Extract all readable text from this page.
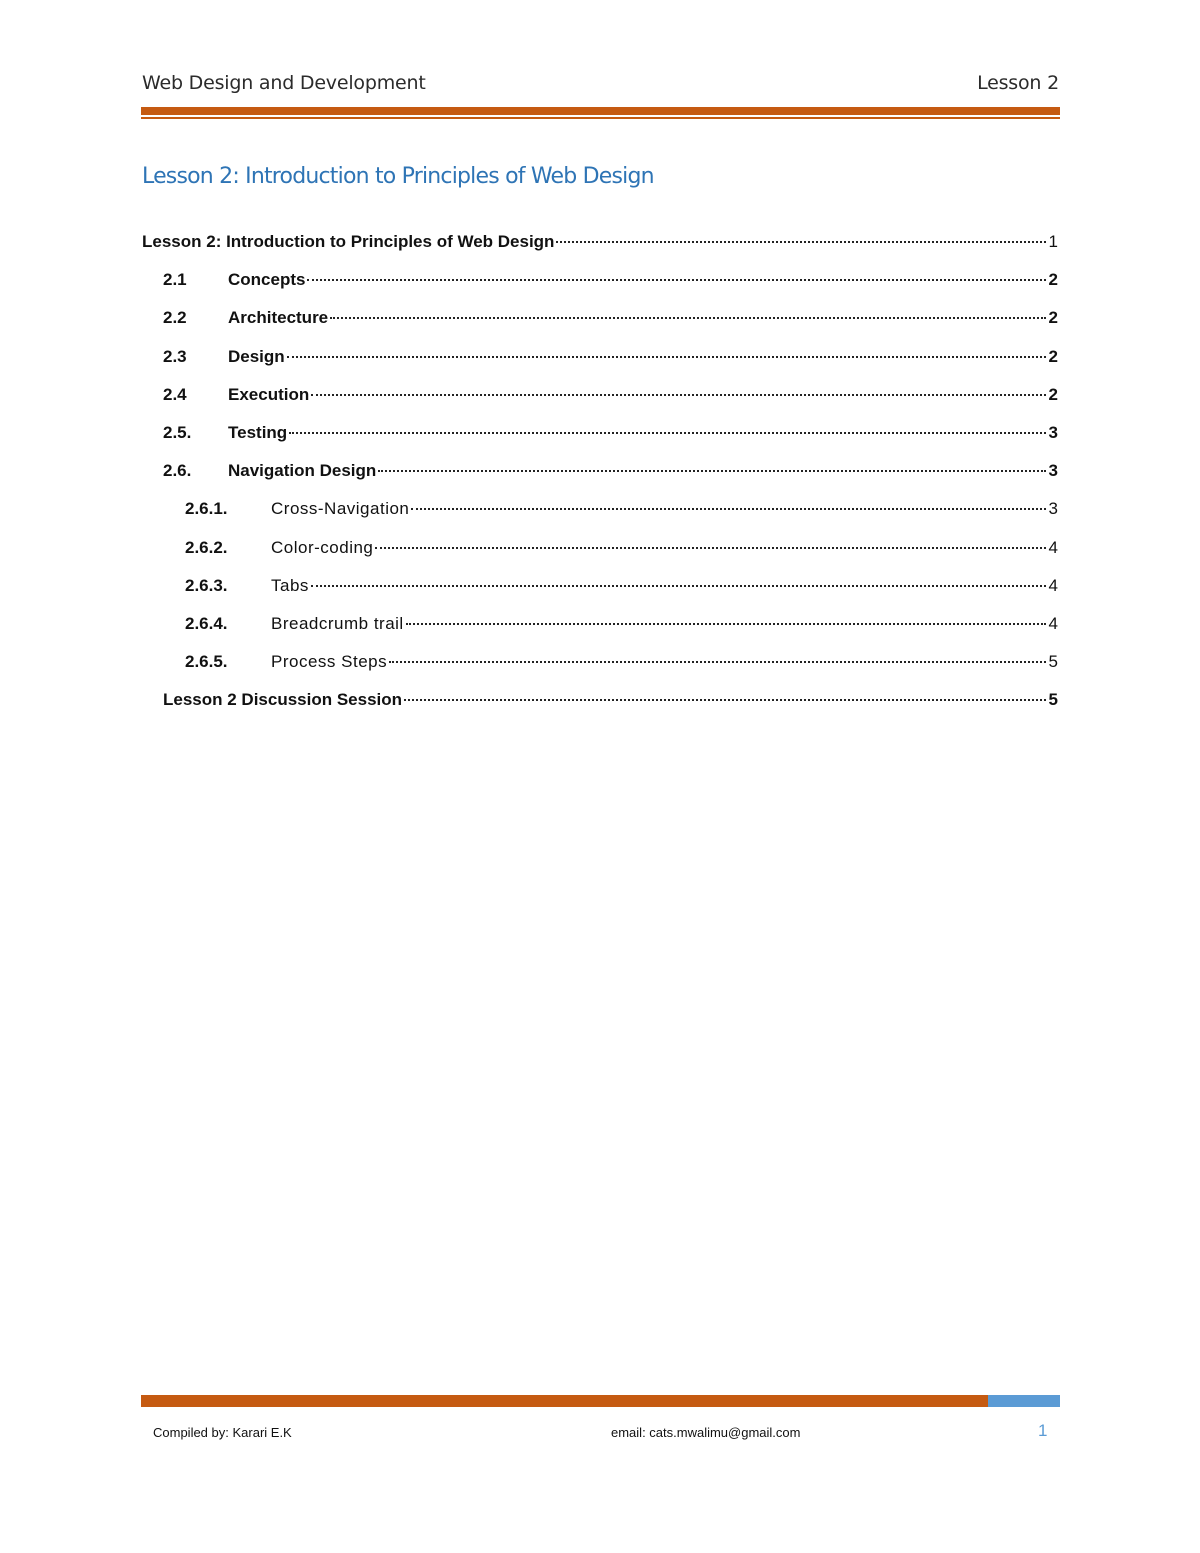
Web Design and Development	Lesson 2
Lesson 2: Introduction to Principles of Web Design
Lesson 2: Introduction to Principles of Web Design	1
2.1	Concepts	2
2.2	Architecture	2
2.3	Design	2
2.4	Execution	2
2.5.	Testing	3
2.6.	Navigation Design	3
2.6.1.	Cross-Navigation	3
2.6.2.	Color-coding	4
2.6.3.	Tabs	4
2.6.4.	Breadcrumb trail	4
2.6.5.	Process Steps	5
Lesson 2 Discussion Session	5
Compiled by: Karari E.K	email: cats.mwalimu@gmail.com	1
